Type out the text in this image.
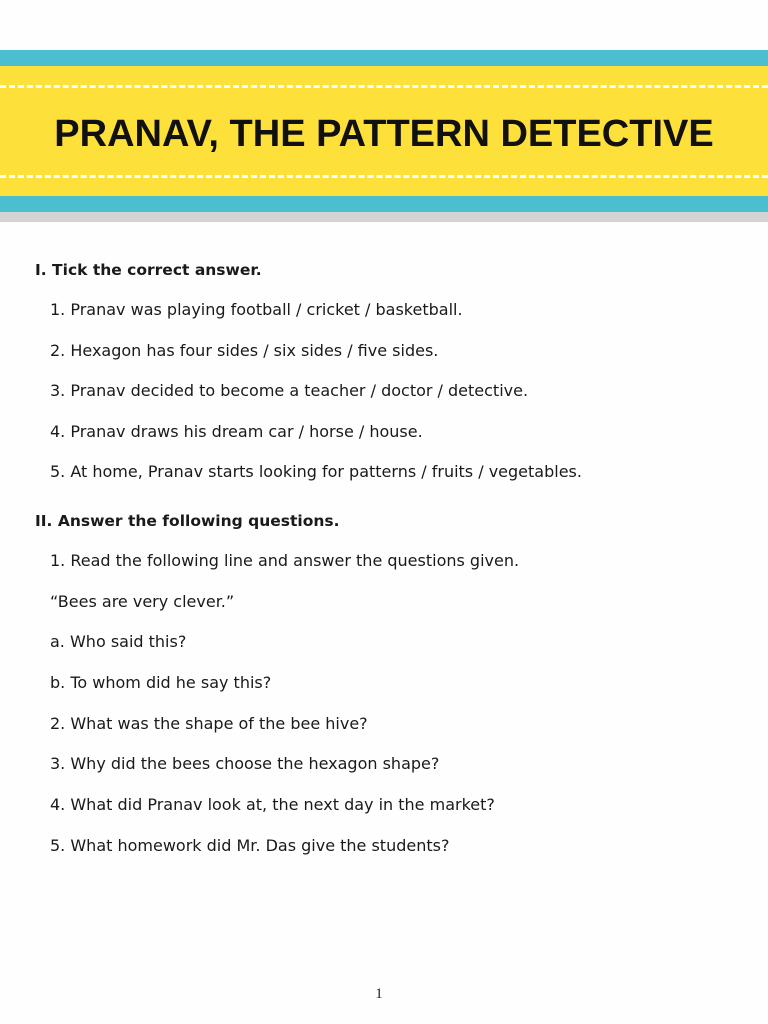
PRANAV, THE PATTERN DETECTIVE
I. Tick the correct answer.
1. Pranav was playing football / cricket / basketball.
2. Hexagon has four sides / six sides / five sides.
3. Pranav decided to become a teacher / doctor / detective.
4. Pranav draws his dream car / horse / house.
5. At home, Pranav starts looking for patterns / fruits / vegetables.
II. Answer the following questions.
1. Read the following line and answer the questions given.
“Bees are very clever.”
a. Who said this?
b. To whom did he say this?
2. What was the shape of the bee hive?
3. Why did the bees choose the hexagon shape?
4. What did Pranav look at, the next day in the market?
5. What homework did Mr. Das give the students?
1
